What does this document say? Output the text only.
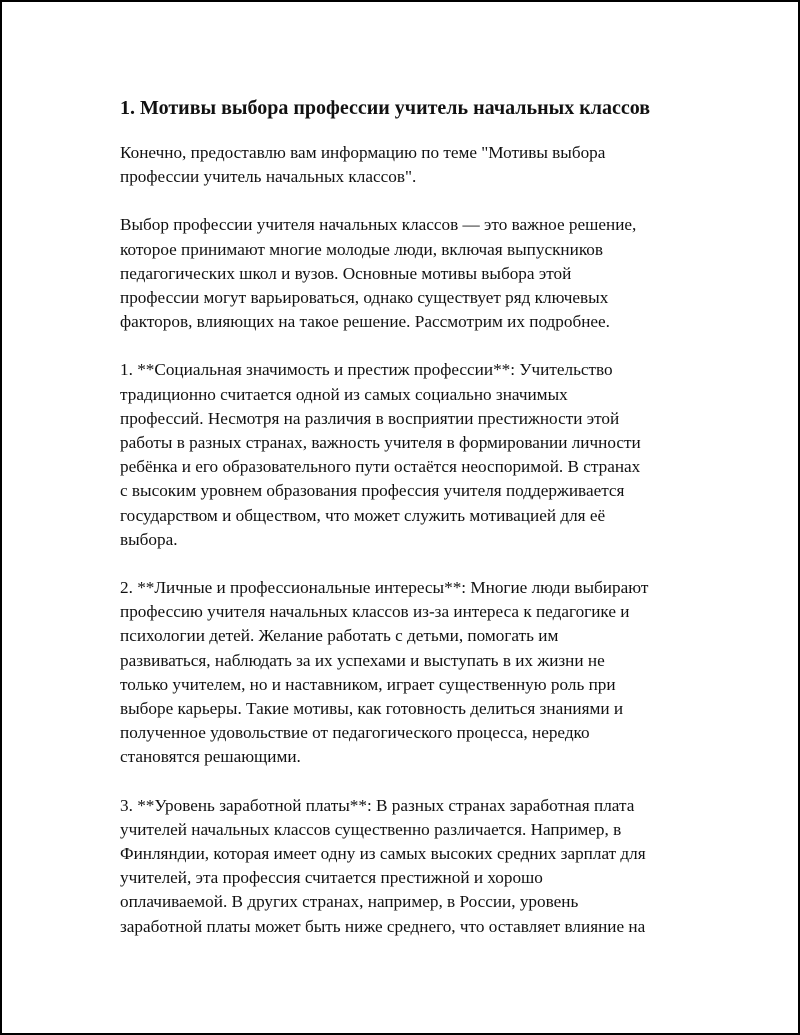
1. Мотивы выбора профессии учитель начальных классов

Конечно, предоставлю вам информацию по теме "Мотивы выбора
профессии учитель начальных классов".

Выбор профессии учителя начальных классов — это важное решение,
которое принимают многие молодые люди, включая выпускников
педагогических школ и вузов. Основные мотивы выбора этой
профессии могут варьироваться, однако существует ряд ключевых
факторов, влияющих на такое решение. Рассмотрим их подробнее.

1. **Социальная значимость и престиж профессии**: Учительство
традиционно считается одной из самых социально значимых
профессий. Несмотря на различия в восприятии престижности этой
работы в разных странах, важность учителя в формировании личности
ребёнка и его образовательного пути остаётся неоспоримой. В странах
с высоким уровнем образования профессия учителя поддерживается
государством и обществом, что может служить мотивацией для её
выбора.

2. **Личные и профессиональные интересы**: Многие люди выбирают
профессию учителя начальных классов из-за интереса к педагогике и
психологии детей. Желание работать с детьми, помогать им
развиваться, наблюдать за их успехами и выступать в их жизни не
только учителем, но и наставником, играет существенную роль при
выборе карьеры. Такие мотивы, как готовность делиться знаниями и
полученное удовольствие от педагогического процесса, нередко
становятся решающими.

3. **Уровень заработной платы**: В разных странах заработная плата
учителей начальных классов существенно различается. Например, в
Финляндии, которая имеет одну из самых высоких средних зарплат для
учителей, эта профессия считается престижной и хорошо
оплачиваемой. В других странах, например, в России, уровень
заработной платы может быть ниже среднего, что оставляет влияние на
